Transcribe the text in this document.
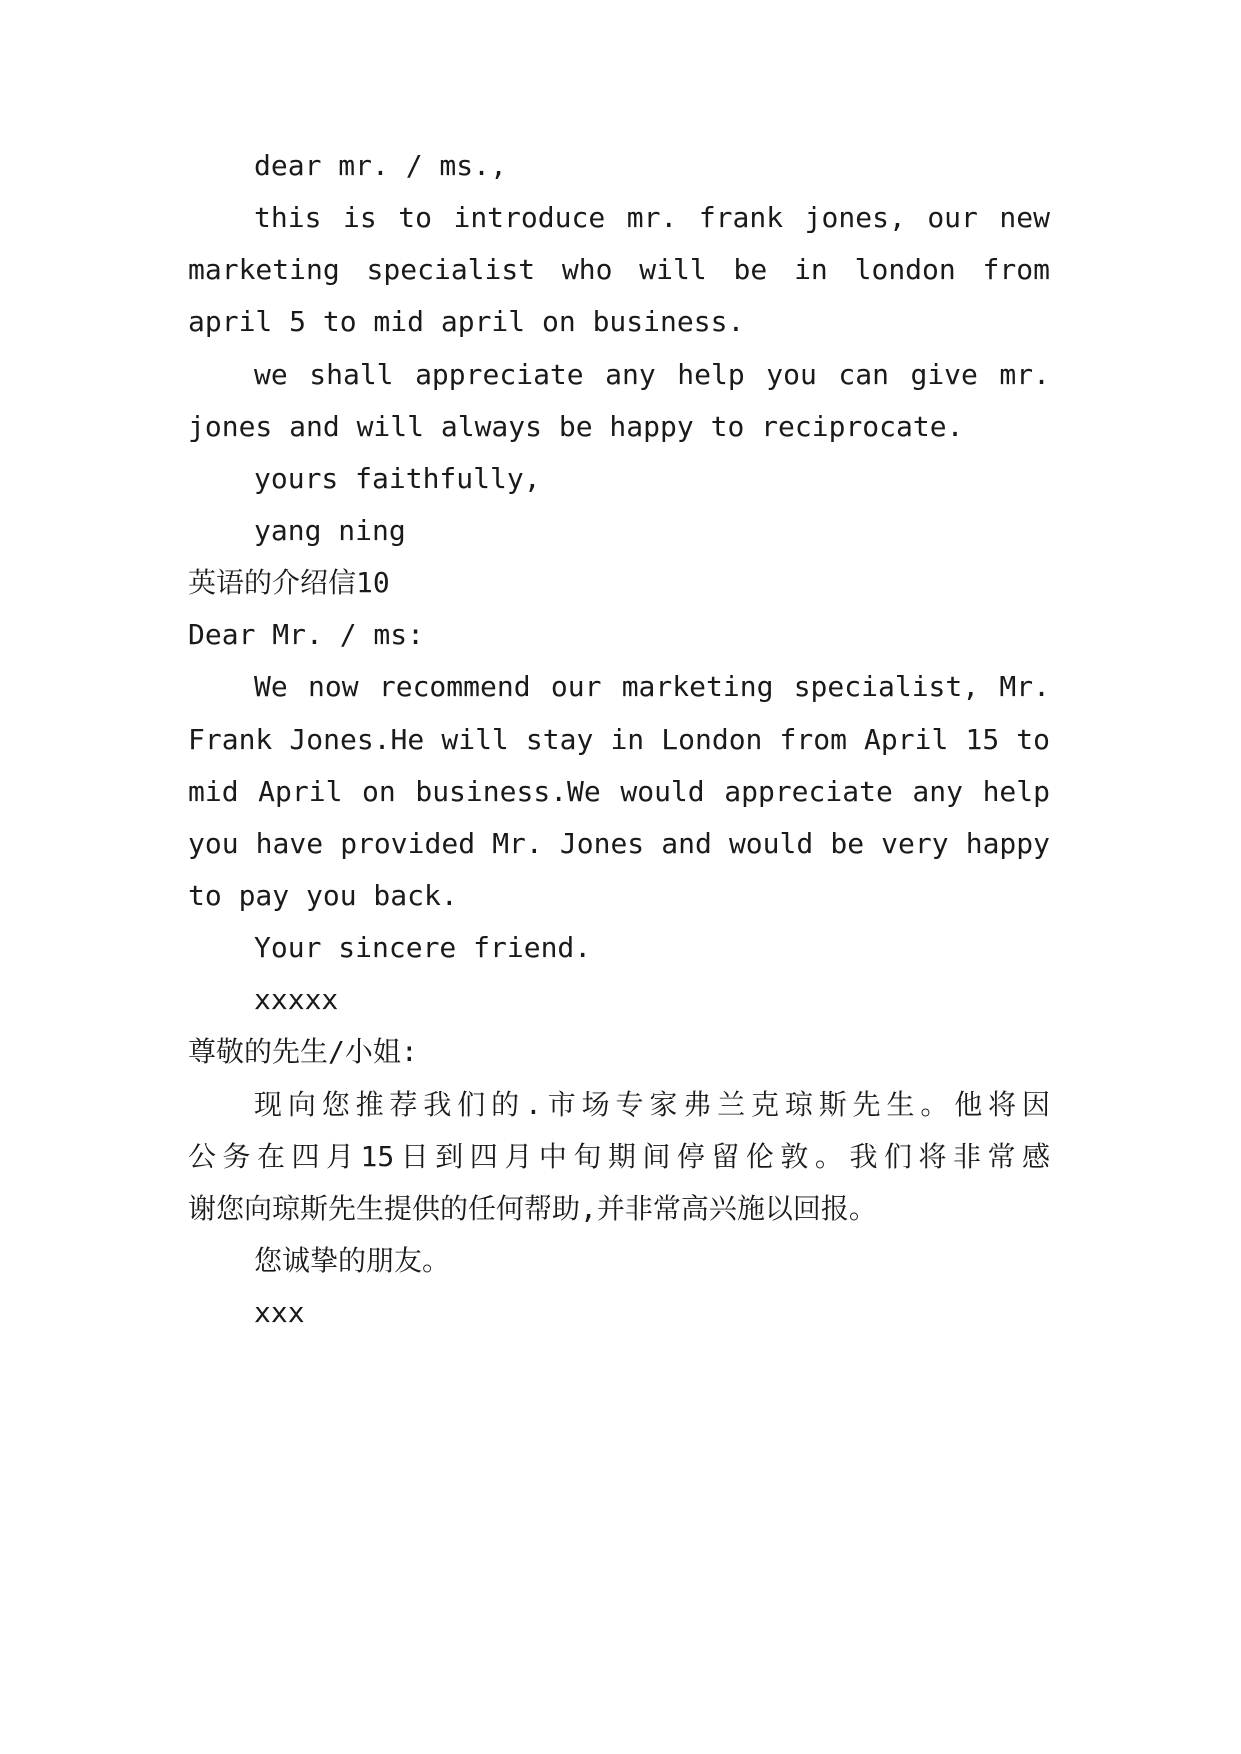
dear mr. / ms.,
this is to introduce mr. frank jones, our new
marketing specialist who will be in london from
april 5 to mid april on business.
we shall appreciate any help you can give mr.
jones and will always be happy to reciprocate.
yours faithfully,
yang ning
英语的介绍信10
Dear Mr. / ms:
We now recommend our marketing specialist, Mr.
Frank Jones.He will stay in London from April 15 to
mid April on business.We would appreciate any help
you have provided Mr. Jones and would be very happy
to pay you back.
Your sincere friend.
xxxxx
尊敬的先生/小姐:
现向您推荐我们的.市场专家弗兰克琼斯先生。他将因
公务在四月15日到四月中旬期间停留伦敦。我们将非常感
谢您向琼斯先生提供的任何帮助,并非常高兴施以回报。
您诚挚的朋友。
xxx
